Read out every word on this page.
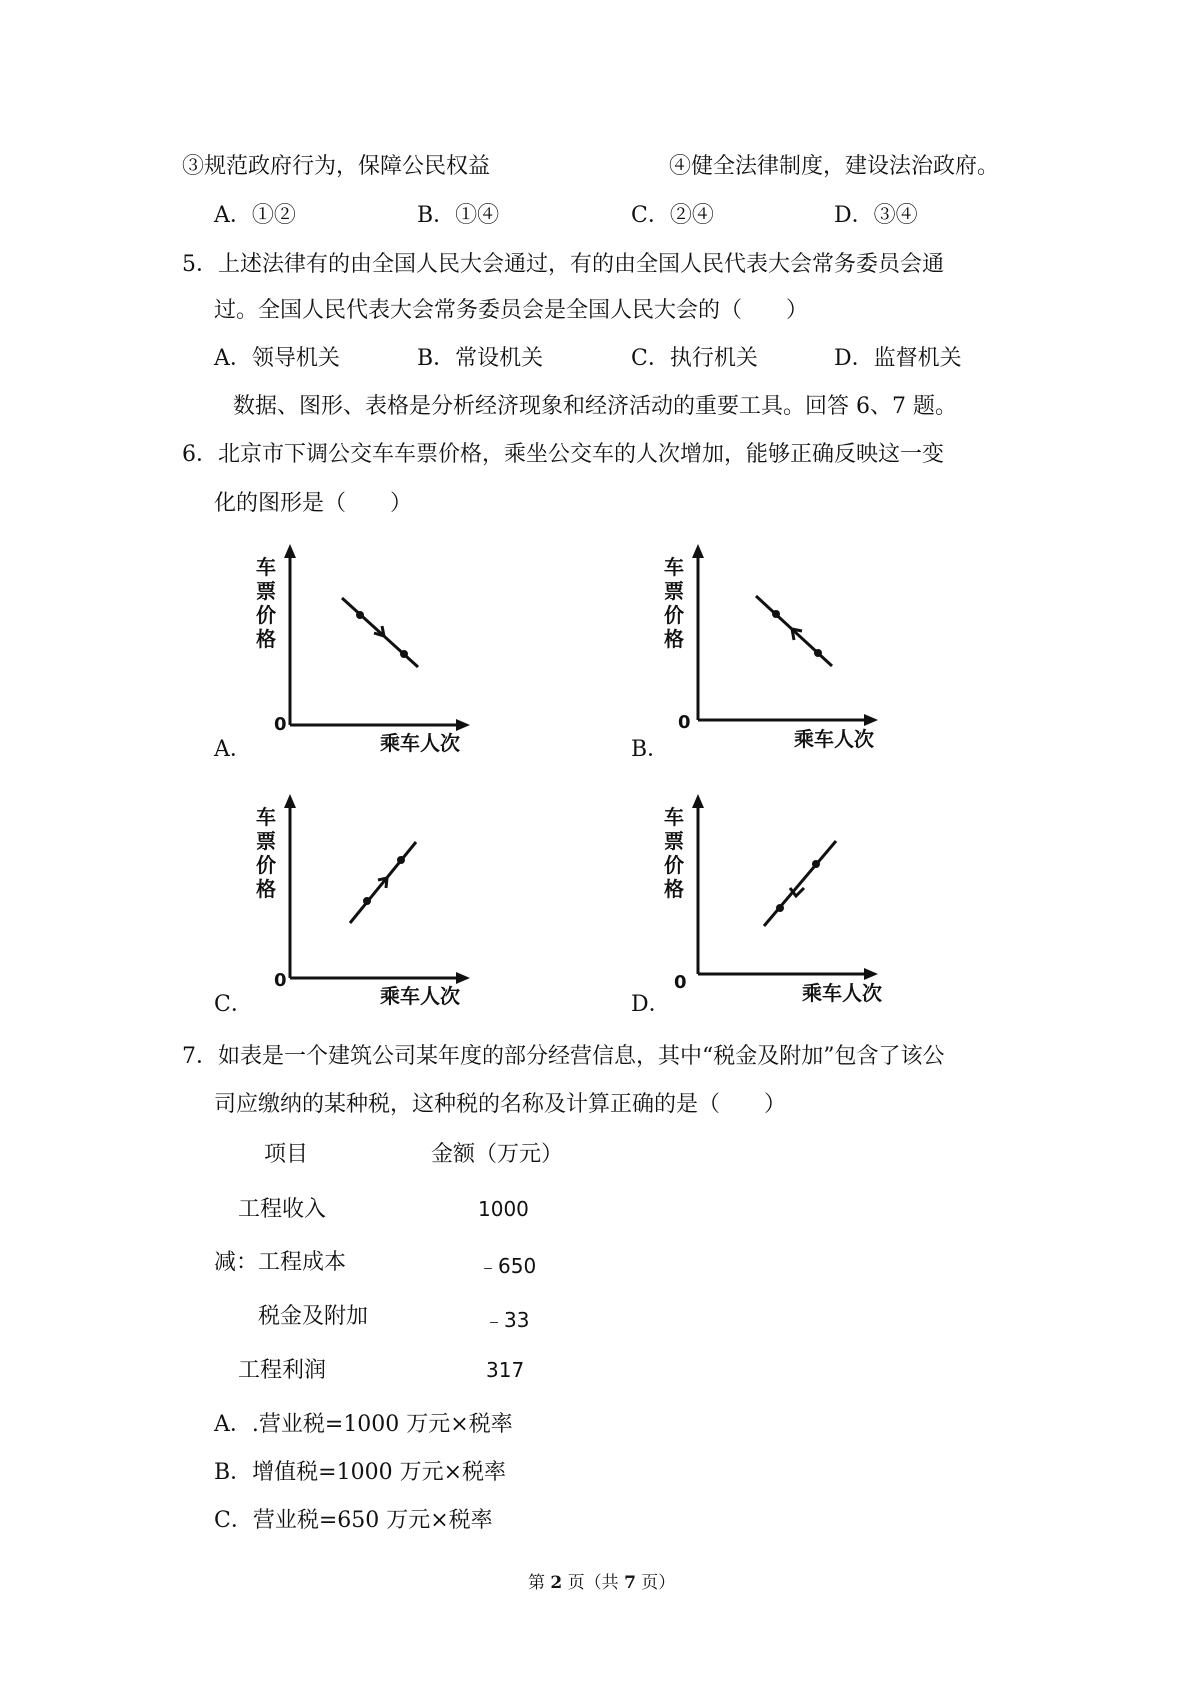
③规范政府行为，保障公民权益	④健全法律制度，建设法治政府。
A．①②	B．①④	C．②④	D．③④
5．上述法律有的由全国人民大会通过，有的由全国人民代表大会常务委员会通
过。全国人民代表大会常务委员会是全国人民大会的（　　）
A．领导机关	B．常设机关	C．执行机关	D．监督机关
数据、图形、表格是分析经济现象和经济活动的重要工具。回答 6、7 题。
6．北京市下调公交车车票价格，乘坐公交车的人次增加，能够正确反映这一变
化的图形是（　　）
A．
车
票
价
格
0
乘车人次	B．
车
票
价
格
0
乘车人次
C．
车
票
价
格
0
乘车人次	D．
车
票
价
格
0	乘车人次
7．如表是一个建筑公司某年度的部分经营信息，其中“税金及附加”包含了该公
司应缴纳的某种税，这种税的名称及计算正确的是（　　）
项目	金额（万元）
工程收入	1000
减：工程成本	﹣650
税金及附加	﹣33
工程利润	317
A．.营业税=1000 万元×税率
B．增值税=1000 万元×税率
C．营业税=650 万元×税率
第 2 页（共 7 页）
